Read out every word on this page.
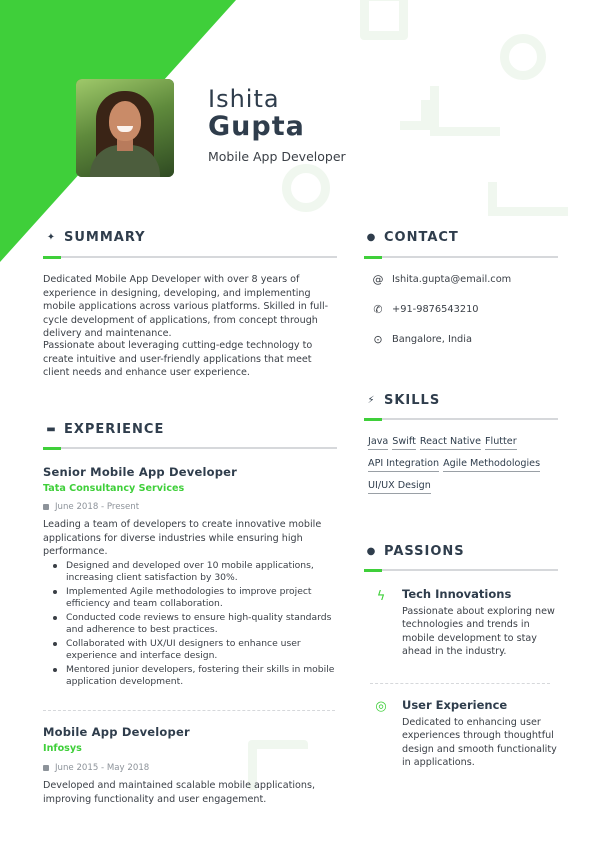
Ishita
Gupta
Mobile App Developer
✦ SUMMARY
Dedicated Mobile App Developer with over 8 years of experience in designing, developing, and implementing mobile applications across various platforms. Skilled in full-cycle development of applications, from concept through delivery and maintenance.
Passionate about leveraging cutting-edge technology to create intuitive and user-friendly applications that meet client needs and enhance user experience.
▬ EXPERIENCE
Senior Mobile App Developer
Tata Consultancy Services
June 2018 - Present
Leading a team of developers to create innovative mobile applications for diverse industries while ensuring high performance.
Designed and developed over 10 mobile applications, increasing client satisfaction by 30%.
Implemented Agile methodologies to improve project efficiency and team collaboration.
Conducted code reviews to ensure high-quality standards and adherence to best practices.
Collaborated with UX/UI designers to enhance user experience and interface design.
Mentored junior developers, fostering their skills in mobile application development.
Mobile App Developer
Infosys
June 2015 - May 2018
Developed and maintained scalable mobile applications, improving functionality and user engagement.
● CONTACT
@ Ishita.gupta@email.com
✆ +91-9876543210
⊙ Bangalore, India
⚡ SKILLS
Java Swift React Native Flutter
API Integration Agile Methodologies
UI/UX Design
● PASSIONS
ϟ	Tech Innovations
Passionate about exploring new technologies and trends in mobile development to stay ahead in the industry.
◎ User Experience
Dedicated to enhancing user experiences through thoughtful design and smooth functionality in applications.
